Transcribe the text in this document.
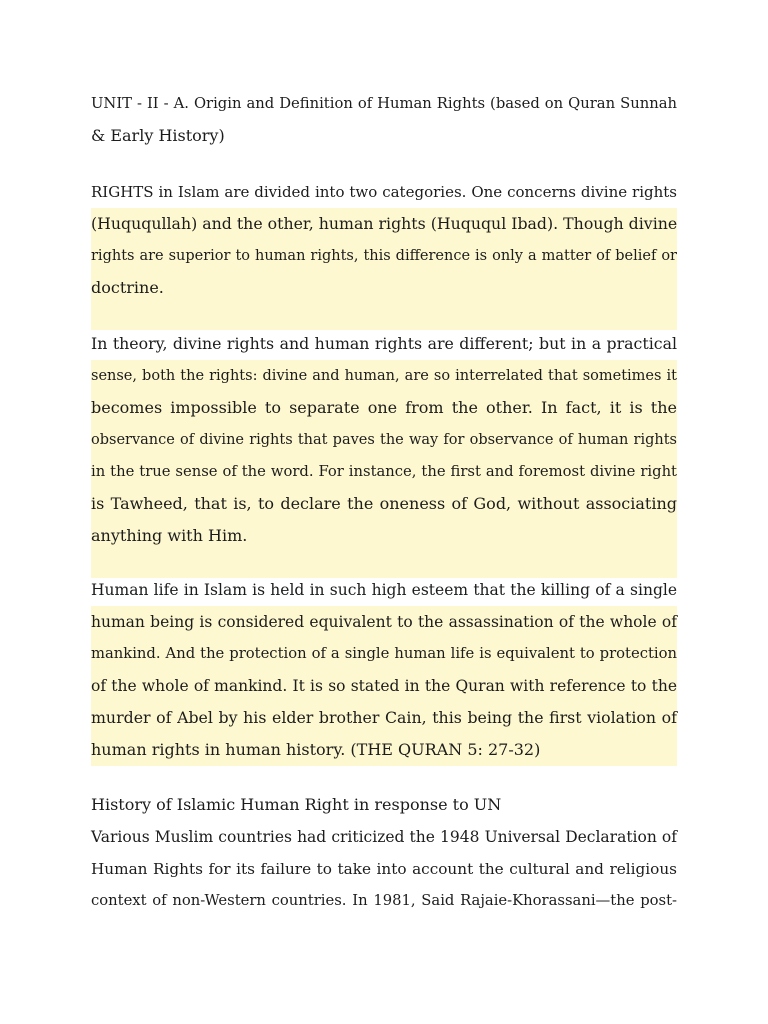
UNIT - II - A. Origin and Definition of Human Rights (based on Quran Sunnah
& Early History)
RIGHTS in Islam are divided into two categories. One concerns divine rights
(Huququllah) and the other, human rights (Huququl Ibad). Though divine
rights are superior to human rights, this difference is only a matter of belief or
doctrine.
In theory, divine rights and human rights are different; but in a practical
sense, both the rights: divine and human, are so interrelated that sometimes it
becomes impossible to separate one from the other. In fact, it is the
observance of divine rights that paves the way for observance of human rights
in the true sense of the word. For instance, the first and foremost divine right
is Tawheed, that is, to declare the oneness of God, without associating
anything with Him.
Human life in Islam is held in such high esteem that the killing of a single
human being is considered equivalent to the assassination of the whole of
mankind. And the protection of a single human life is equivalent to protection
of the whole of mankind. It is so stated in the Quran with reference to the
murder of Abel by his elder brother Cain, this being the first violation of
human rights in human history. (THE QURAN 5: 27-32)
History of Islamic Human Right in response to UN
Various Muslim countries had criticized the 1948 Universal Declaration of
Human Rights for its failure to take into account the cultural and religious
context of non-Western countries. In 1981, Said Rajaie-Khorassani—the post-
